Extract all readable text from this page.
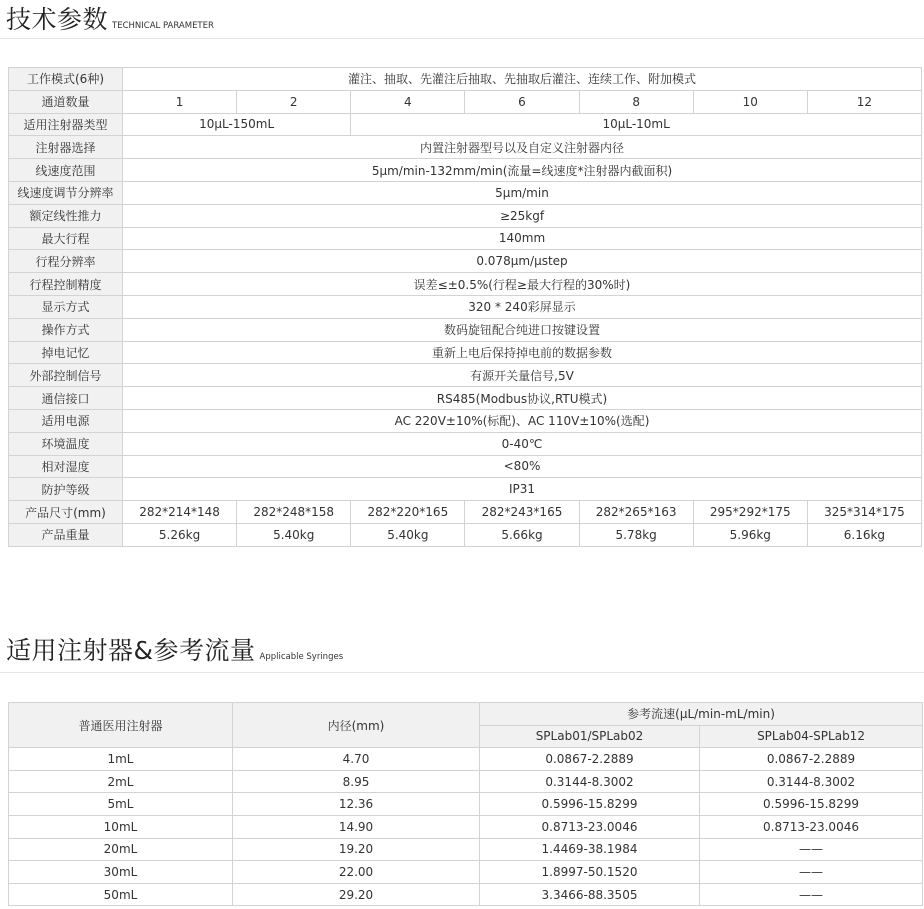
技术参数 TECHNICAL PARAMETER
工作模式(6种)	灌注、抽取、先灌注后抽取、先抽取后灌注、连续工作、附加模式						
通道数量	1	2	4	6	8	10	12
适用注射器类型	10μL-150mL		10μL-10mL				
注射器选择	内置注射器型号以及自定义注射器内径						
线速度范围	5μm/min-132mm/min(流量=线速度*注射器内截面积)						
线速度调节分辨率	5μm/min						
额定线性推力	≥25kgf						
最大行程	140mm						
行程分辨率	0.078μm/μstep						
行程控制精度	误差≤±0.5%(行程≥最大行程的30%时)						
显示方式	320 * 240彩屏显示						
操作方式	数码旋钮配合纯进口按键设置						
掉电记忆	重新上电后保持掉电前的数据参数						
外部控制信号	有源开关量信号,5V						
通信接口	RS485(Modbus协议,RTU模式)						
适用电源	AC 220V±10%(标配)、AC 110V±10%(选配)						
环境温度	0-40℃						
相对湿度	<80%						
防护等级	IP31						
产品尺寸(mm)	282*214*148	282*248*158	282*220*165	282*243*165	282*265*163	295*292*175	325*314*175
产品重量	5.26kg	5.40kg	5.40kg	5.66kg	5.78kg	5.96kg	6.16kg
适用注射器&参考流量 Applicable Syringes
普通医用注射器	内径(mm)	参考流速(μL/min-mL/min)	
		SPLab01/SPLab02	SPLab04-SPLab12
1mL	4.70	0.0867-2.2889	0.0867-2.2889
2mL	8.95	0.3144-8.3002	0.3144-8.3002
5mL	12.36	0.5996-15.8299	0.5996-15.8299
10mL	14.90	0.8713-23.0046	0.8713-23.0046
20mL	19.20	1.4469-38.1984	——
30mL	22.00	1.8997-50.1520	——
50mL	29.20	3.3466-88.3505	——
